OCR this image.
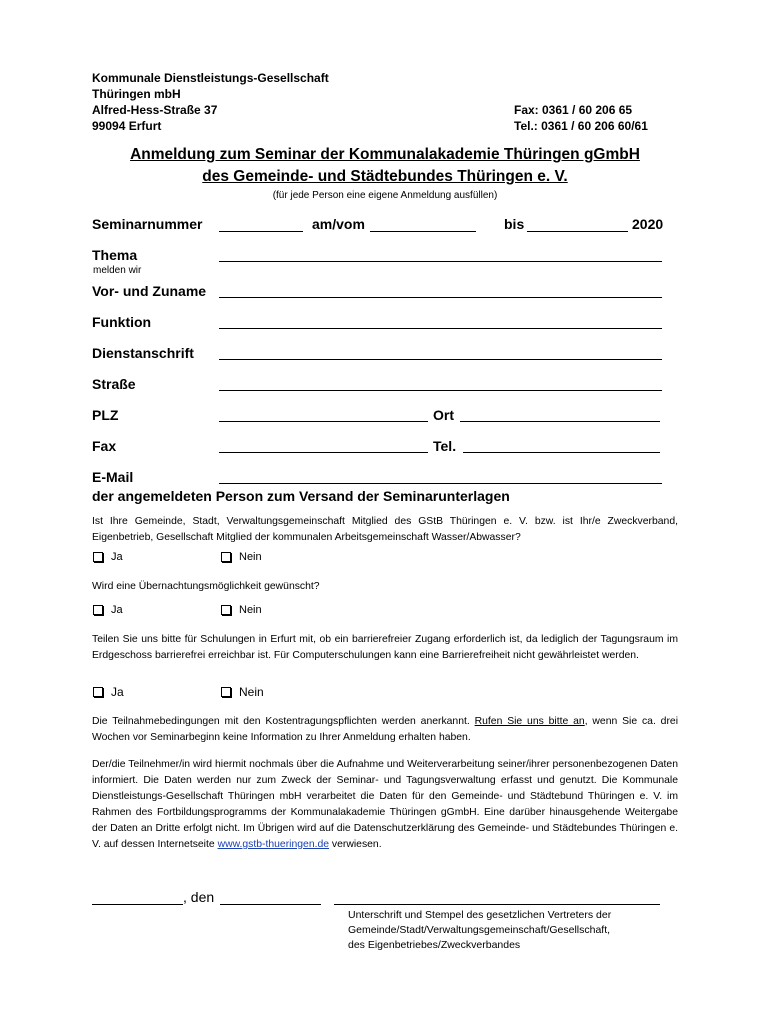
Kommunale Dienstleistungs-Gesellschaft
Thüringen mbH
Alfred-Hess-Straße 37
99094 Erfurt
Fax: 0361 / 60 206 65
Tel.: 0361 / 60 206 60/61
Anmeldung zum Seminar der Kommunalakademie Thüringen gGmbH
des Gemeinde- und Städtebundes Thüringen e. V.
(für jede Person eine eigene Anmeldung ausfüllen)
Seminarnummer	am/vom	bis	2020
Thema
melden wir
Vor- und Zuname
Funktion
Dienstanschrift
Straße
PLZ	Ort
Fax	Tel.
E-Mail
der angemeldeten Person zum Versand der Seminarunterlagen
Ist Ihre Gemeinde, Stadt, Verwaltungsgemeinschaft Mitglied des GStB Thüringen e. V. bzw. ist Ihr/e Zweckverband, Eigenbetrieb, Gesellschaft Mitglied der kommunalen Arbeitsgemeinschaft Wasser/Abwasser?
Ja	Nein
Wird eine Übernachtungsmöglichkeit gewünscht?
Ja	Nein
Teilen Sie uns bitte für Schulungen in Erfurt mit, ob ein barrierefreier Zugang erforderlich ist, da lediglich der Tagungsraum im Erdgeschoss barrierefrei erreichbar ist. Für Computerschulungen kann eine Barrierefreiheit nicht gewährleistet werden.
Ja	Nein
Die Teilnahmebedingungen mit den Kostentragungspflichten werden anerkannt. Rufen Sie uns bitte an, wenn Sie ca. drei Wochen vor Seminarbeginn keine Information zu Ihrer Anmeldung erhalten haben.
Der/die Teilnehmer/in wird hiermit nochmals über die Aufnahme und Weiterverarbeitung seiner/ihrer personenbezogenen Daten informiert. Die Daten werden nur zum Zweck der Seminar- und Tagungsverwaltung erfasst und genutzt. Die Kommunale Dienstleistungs-Gesellschaft Thüringen mbH verarbeitet die Daten für den Gemeinde- und Städtebund Thüringen e. V. im Rahmen des Fortbildungsprogramms der Kommunalakademie Thüringen gGmbH. Eine darüber hinausgehende Weitergabe der Daten an Dritte erfolgt nicht. Im Übrigen wird auf die Datenschutzerklärung des Gemeinde- und Städtebundes Thüringen e. V. auf dessen Internetseite www.gstb-thueringen.de verwiesen.
, den
Unterschrift und Stempel des gesetzlichen Vertreters der
Gemeinde/Stadt/Verwaltungsgemeinschaft/Gesellschaft,
des Eigenbetriebes/Zweckverbandes
